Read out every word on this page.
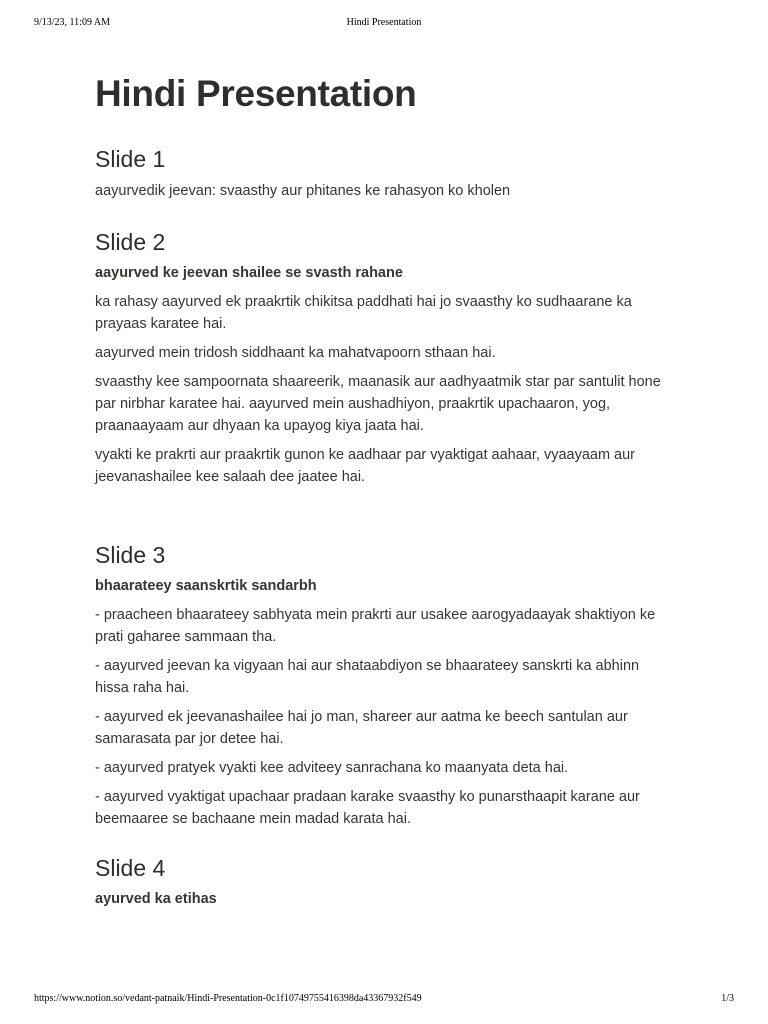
9/13/23, 11:09 AM	Hindi Presentation
Hindi Presentation
Slide 1

aayurvedik jeevan: svaasthy aur phitanes ke rahasyon ko kholen

Slide 2

aayurved ke jeevan shailee se svasth rahane

ka rahasy aayurved ek praakrtik chikitsa paddhati hai jo svaasthy ko sudhaarane ka prayaas karatee hai.

aayurved mein tridosh siddhaant ka mahatvapoorn sthaan hai.

svaasthy kee sampoornata shaareerik, maanasik aur aadhyaatmik star par santulit hone par nirbhar karatee hai. aayurved mein aushadhiyon, praakrtik upachaaron, yog, praanaayaam aur dhyaan ka upayog kiya jaata hai.

vyakti ke prakrti aur praakrtik gunon ke aadhaar par vyaktigat aahaar, vyaayaam aur jeevanashailee kee salaah dee jaatee hai.

Slide 3

bhaarateey saanskrtik sandarbh

- praacheen bhaarateey sabhyata mein prakrti aur usakee aarogyadaayak shaktiyon ke prati gaharee sammaan tha.

- aayurved jeevan ka vigyaan hai aur shataabdiyon se bhaarateey sanskrti ka abhinn hissa raha hai.

- aayurved ek jeevanashailee hai jo man, shareer aur aatma ke beech santulan aur samarasata par jor detee hai.

- aayurved pratyek vyakti kee adviteey sanrachana ko maanyata deta hai.

- aayurved vyaktigat upachaar pradaan karake svaasthy ko punarsthaapit karane aur beemaaree se bachaane mein madad karata hai.

Slide 4

ayurved ka etihas

https://www.notion.so/vedant-patnaik/Hindi-Presentation-0c1f10749755416398da43367932f549	1/3
